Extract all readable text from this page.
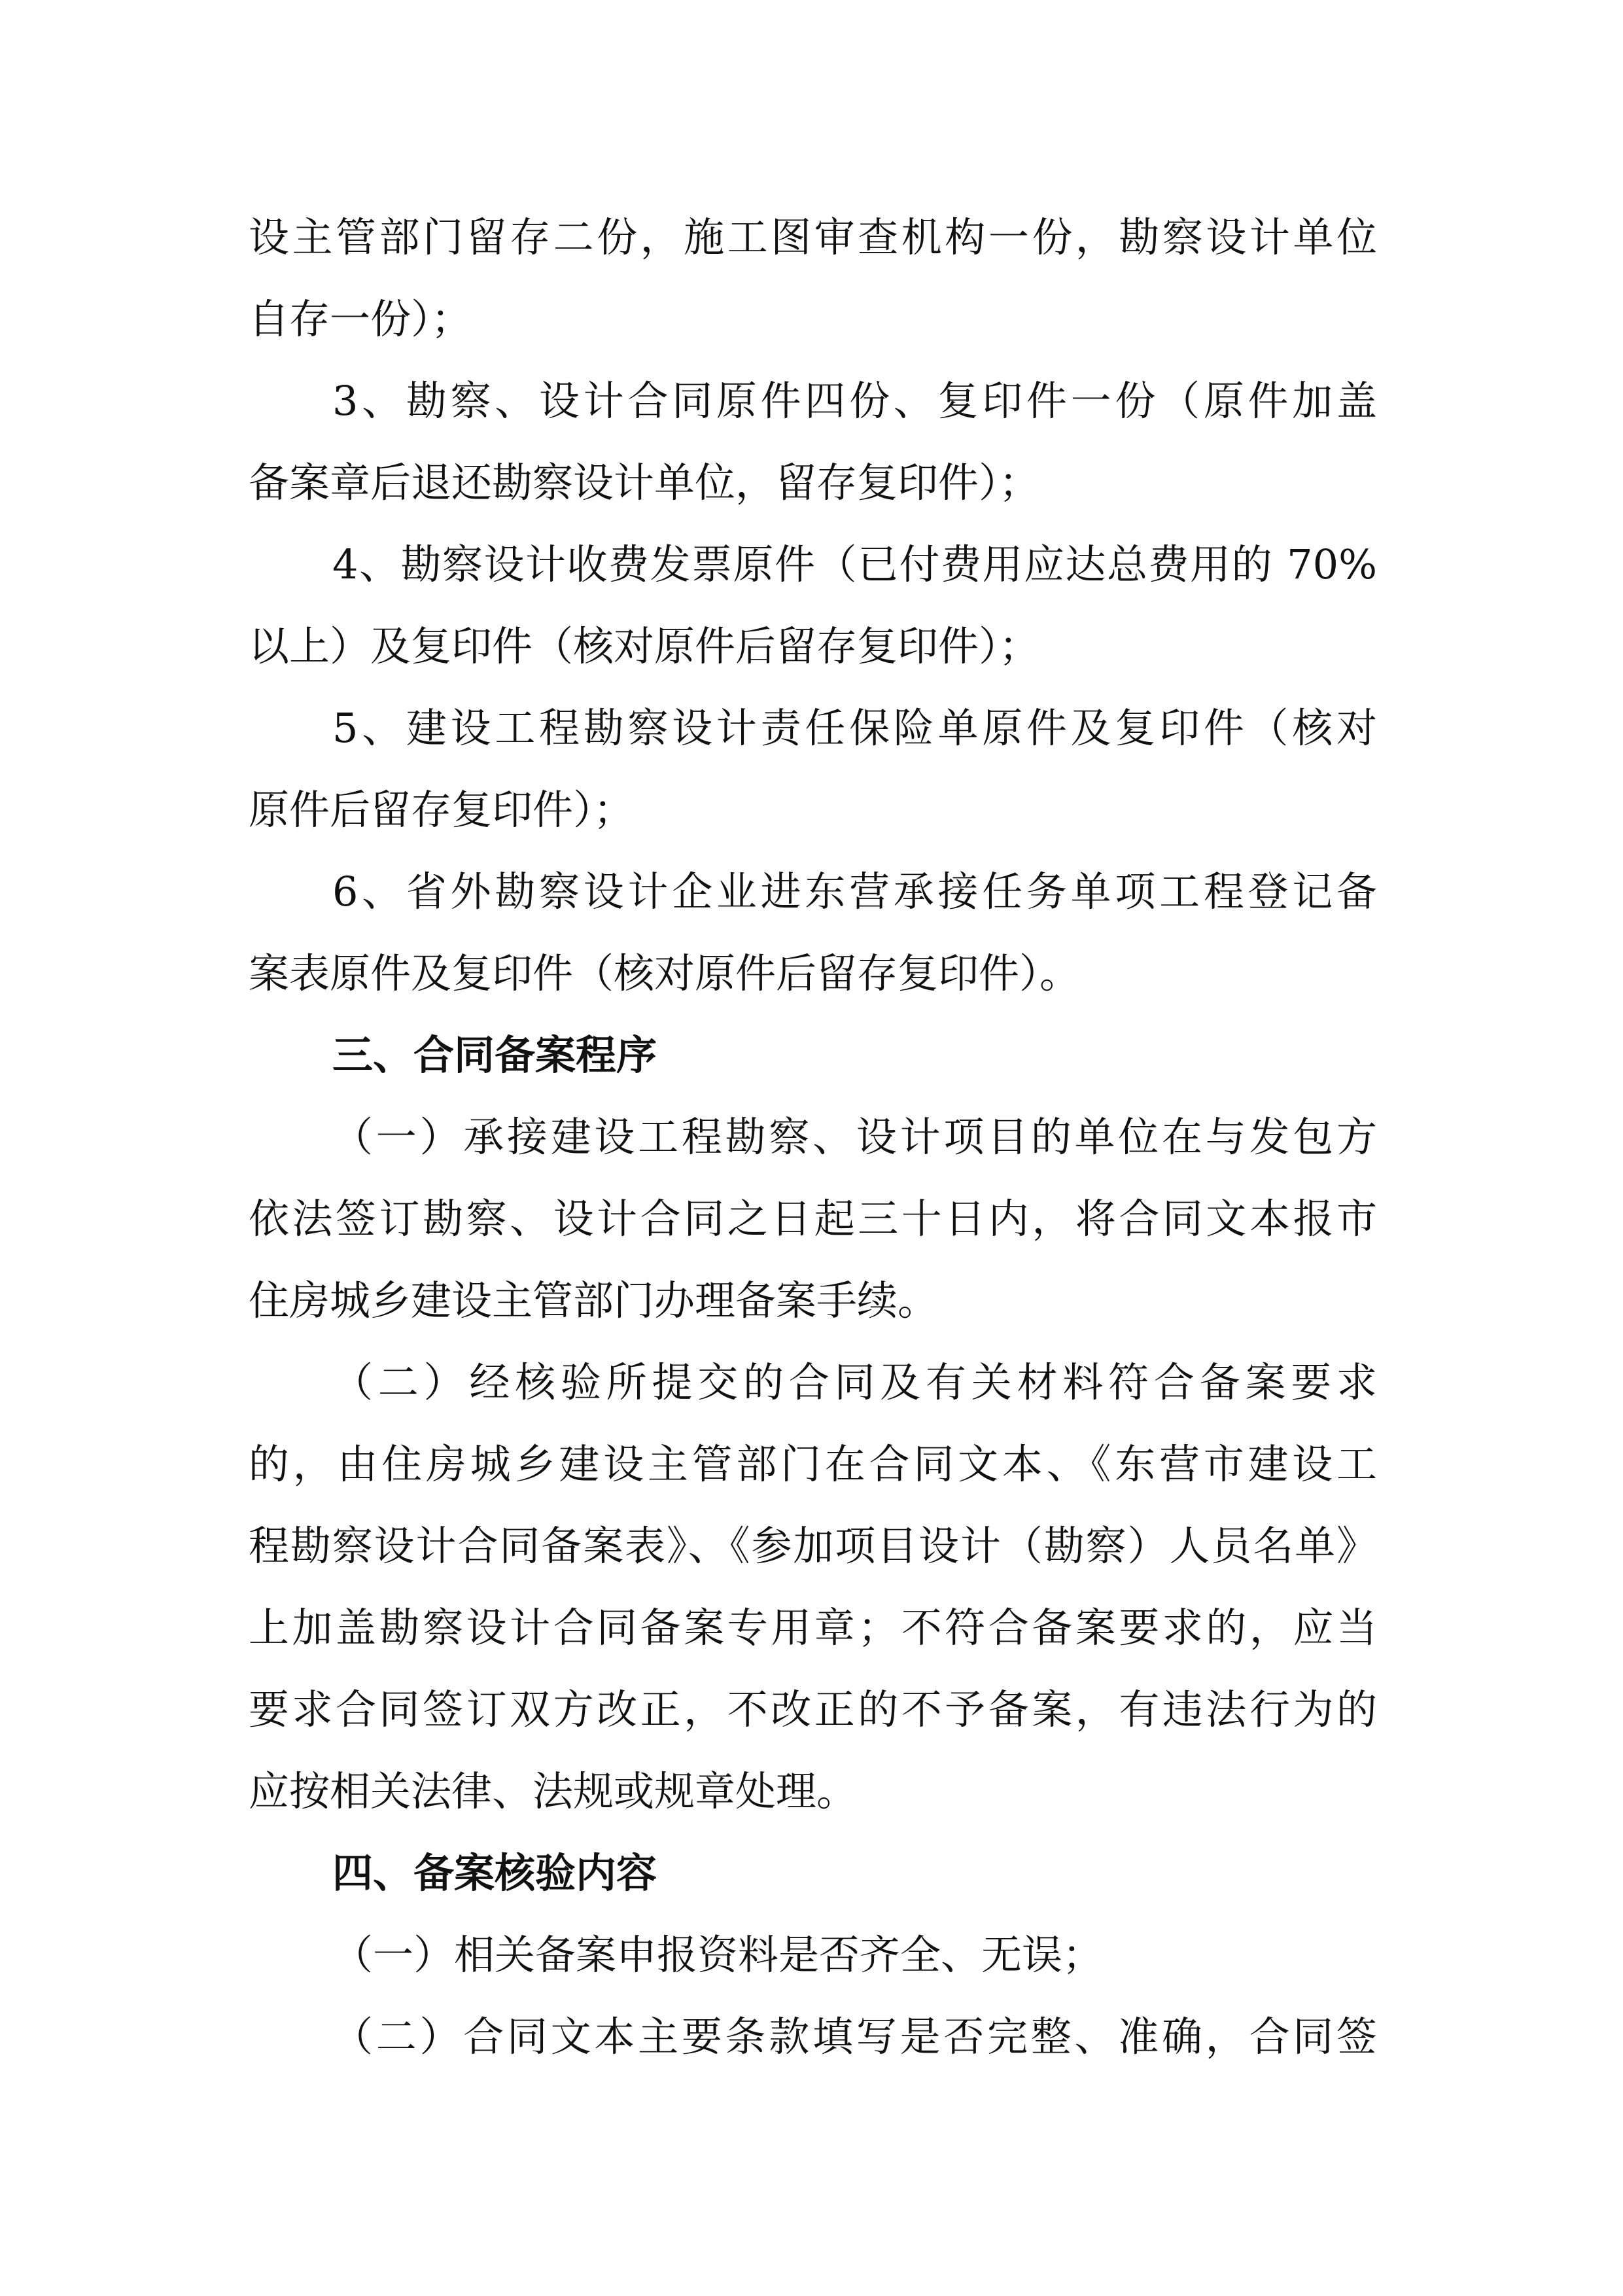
设主管部门留存二份，施工图审查机构一份，勘察设计单位
自存一份）；
3、勘察、设计合同原件四份、复印件一份（原件加盖
备案章后退还勘察设计单位，留存复印件）；
4、勘察设计收费发票原件（已付费用应达总费用的 70%
以上）及复印件（核对原件后留存复印件）；
5、建设工程勘察设计责任保险单原件及复印件（核对
原件后留存复印件）；
6、省外勘察设计企业进东营承接任务单项工程登记备
案表原件及复印件（核对原件后留存复印件）。
三、合同备案程序
（一）承接建设工程勘察、设计项目的单位在与发包方
依法签订勘察、设计合同之日起三十日内，将合同文本报市
住房城乡建设主管部门办理备案手续。
（二）经核验所提交的合同及有关材料符合备案要求
的，由住房城乡建设主管部门在合同文本、《东营市建设工
程勘察设计合同备案表》、《参加项目设计（勘察）人员名单》
上加盖勘察设计合同备案专用章；不符合备案要求的，应当
要求合同签订双方改正，不改正的不予备案，有违法行为的
应按相关法律、法规或规章处理。
四、备案核验内容
（一）相关备案申报资料是否齐全、无误；
（二）合同文本主要条款填写是否完整、准确，合同签
